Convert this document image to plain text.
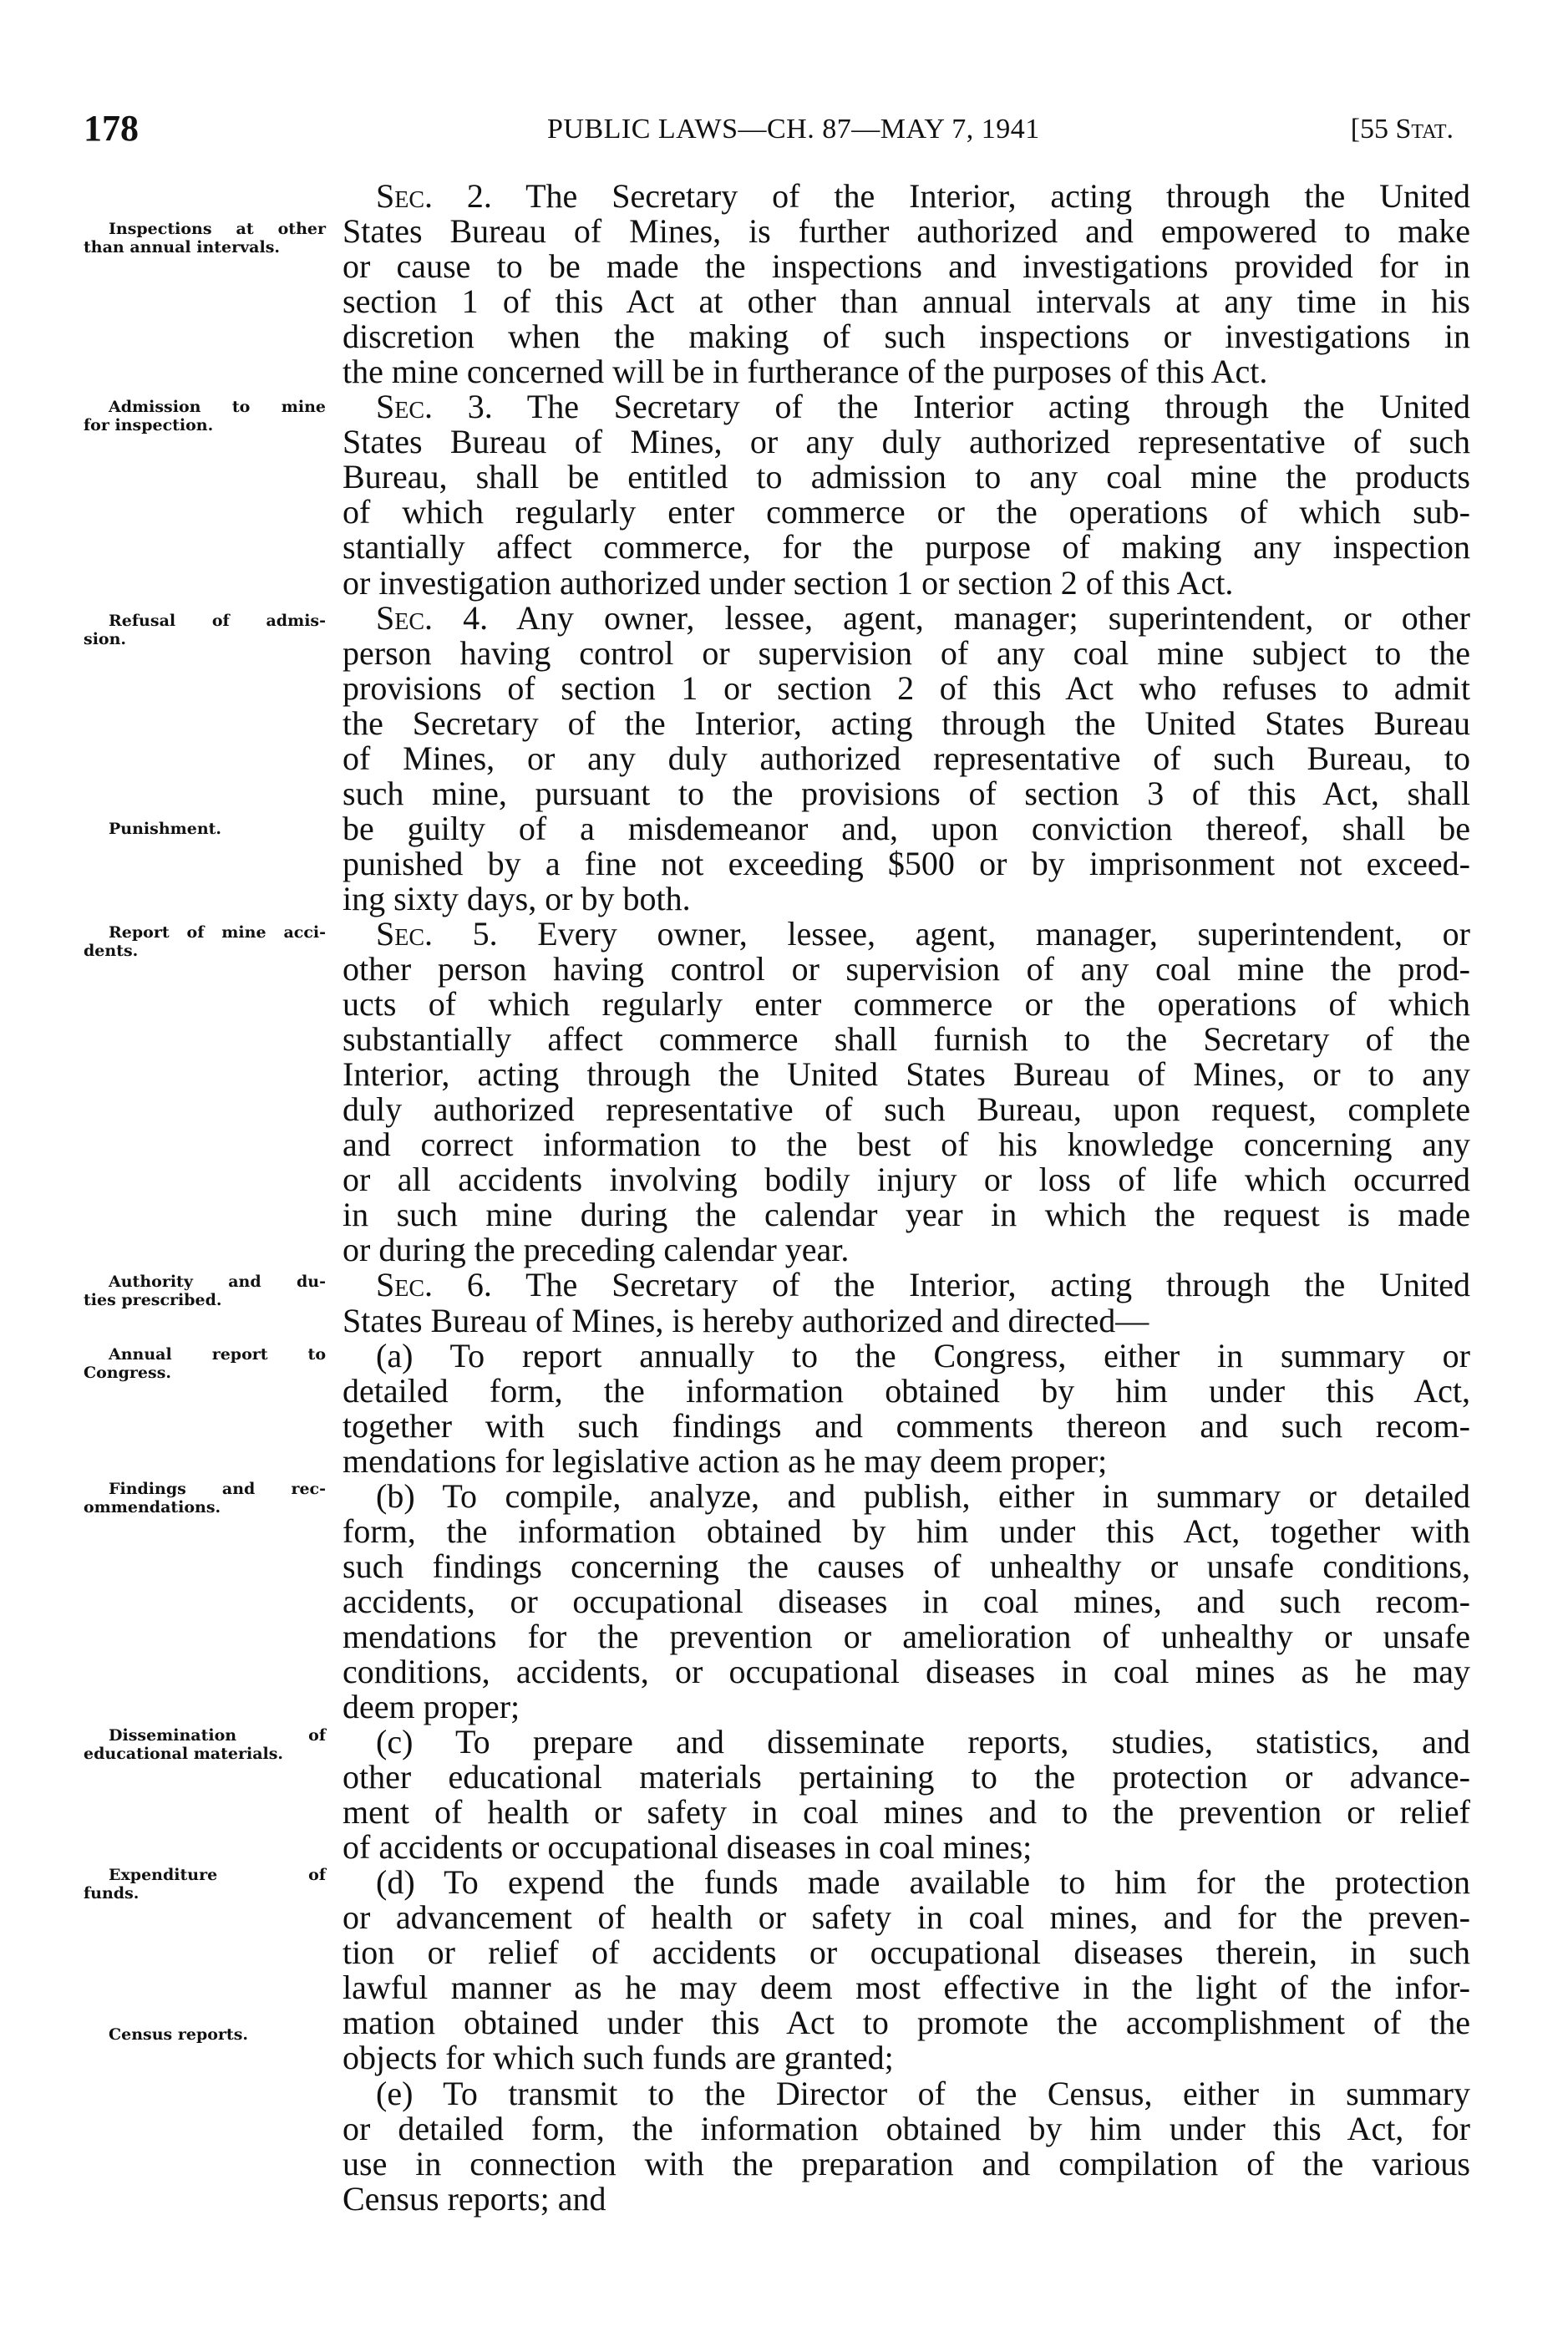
178	PUBLIC LAWS—CH. 87—MAY 7, 1941	[55 Stat.
Inspections at other
than annual intervals.
Admission to mine
for inspection.
Refusal of admis-
sion.
Punishment.
Report of mine acci-
dents.
Authority and du-
ties prescribed.
Annual report to
Congress.
Findings and rec-
ommendations.
Dissemination of
educational materials.
Expenditure of
funds.
Census reports.
Sec. 2. The Secretary of the Interior, acting through the United
States Bureau of Mines, is further authorized and empowered to make
or cause to be made the inspections and investigations provided for in
section 1 of this Act at other than annual intervals at any time in his
discretion when the making of such inspections or investigations in
the mine concerned will be in furtherance of the purposes of this Act.
Sec. 3. The Secretary of the Interior acting through the United
States Bureau of Mines, or any duly authorized representative of such
Bureau, shall be entitled to admission to any coal mine the products
of which regularly enter commerce or the operations of which sub-
stantially affect commerce, for the purpose of making any inspection
or investigation authorized under section 1 or section 2 of this Act.
Sec. 4. Any owner, lessee, agent, manager; superintendent, or other
person having control or supervision of any coal mine subject to the
provisions of section 1 or section 2 of this Act who refuses to admit
the Secretary of the Interior, acting through the United States Bureau
of Mines, or any duly authorized representative of such Bureau, to
such mine, pursuant to the provisions of section 3 of this Act, shall
be guilty of a misdemeanor and, upon conviction thereof, shall be
punished by a fine not exceeding $500 or by imprisonment not exceed-
ing sixty days, or by both.
Sec. 5. Every owner, lessee, agent, manager, superintendent, or
other person having control or supervision of any coal mine the prod-
ucts of which regularly enter commerce or the operations of which
substantially affect commerce shall furnish to the Secretary of the
Interior, acting through the United States Bureau of Mines, or to any
duly authorized representative of such Bureau, upon request, complete
and correct information to the best of his knowledge concerning any
or all accidents involving bodily injury or loss of life which occurred
in such mine during the calendar year in which the request is made
or during the preceding calendar year.
Sec. 6. The Secretary of the Interior, acting through the United
States Bureau of Mines, is hereby authorized and directed—
(a) To report annually to the Congress, either in summary or
detailed form, the information obtained by him under this Act,
together with such findings and comments thereon and such recom-
mendations for legislative action as he may deem proper;
(b) To compile, analyze, and publish, either in summary or detailed
form, the information obtained by him under this Act, together with
such findings concerning the causes of unhealthy or unsafe conditions,
accidents, or occupational diseases in coal mines, and such recom-
mendations for the prevention or amelioration of unhealthy or unsafe
conditions, accidents, or occupational diseases in coal mines as he may
deem proper;
(c) To prepare and disseminate reports, studies, statistics, and
other educational materials pertaining to the protection or advance-
ment of health or safety in coal mines and to the prevention or relief
of accidents or occupational diseases in coal mines;
(d) To expend the funds made available to him for the protection
or advancement of health or safety in coal mines, and for the preven-
tion or relief of accidents or occupational diseases therein, in such
lawful manner as he may deem most effective in the light of the infor-
mation obtained under this Act to promote the accomplishment of the
objects for which such funds are granted;
(e) To transmit to the Director of the Census, either in summary
or detailed form, the information obtained by him under this Act, for
use in connection with the preparation and compilation of the various
Census reports; and
